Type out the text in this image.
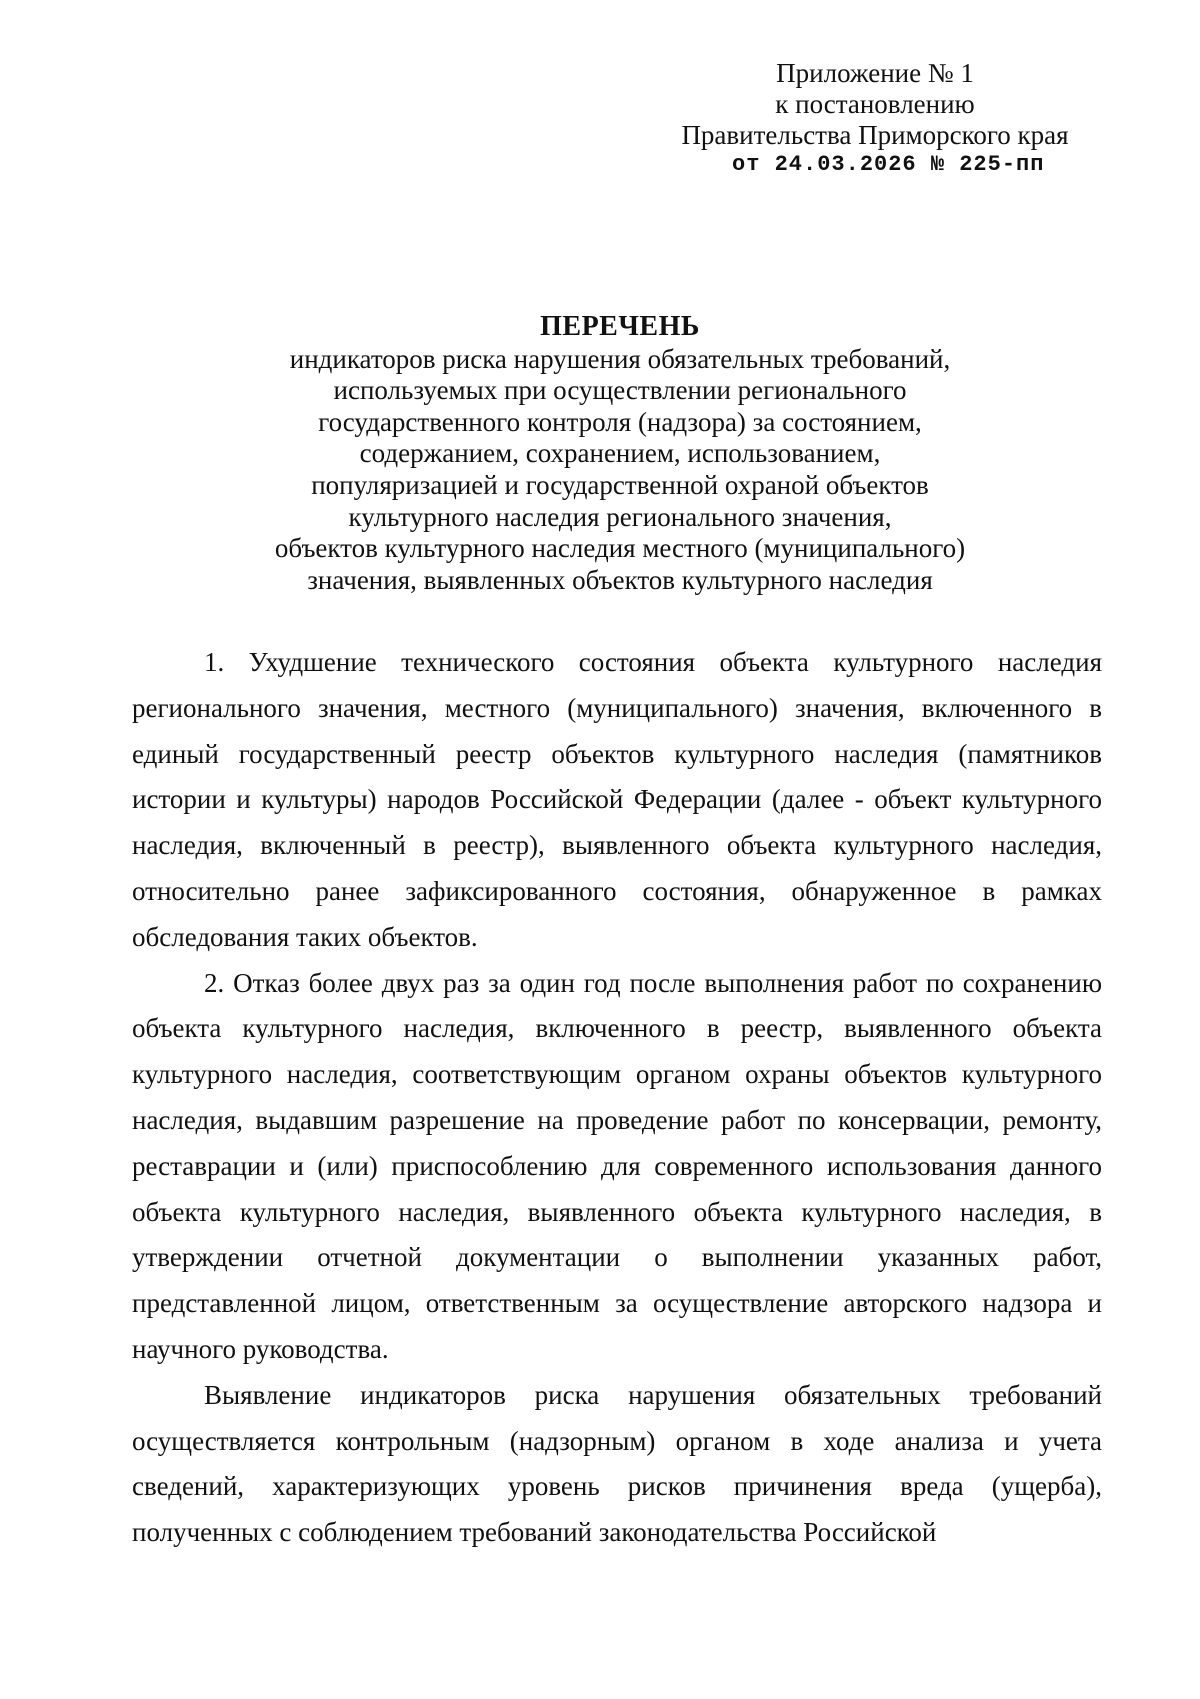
Приложение № 1
к постановлению
Правительства Приморского края
от 24.03.2026 № 225-пп
ПЕРЕЧЕНЬ
индикаторов риска нарушения обязательных требований,
используемых при осуществлении регионального
государственного контроля (надзора) за состоянием,
содержанием, сохранением, использованием,
популяризацией и государственной охраной объектов
культурного наследия регионального значения,
объектов культурного наследия местного (муниципального)
значения, выявленных объектов культурного наследия

1. Ухудшение технического состояния объекта культурного наследия регионального значения, местного (муниципального) значения, включенного в единый государственный реестр объектов культурного наследия (памятников истории и культуры) народов Российской Федерации (далее - объект культурного наследия, включенный в реестр), выявленного объекта культурного наследия, относительно ранее зафиксированного состояния, обнаруженное в рамках обследования таких объектов.

2. Отказ более двух раз за один год после выполнения работ по сохранению объекта культурного наследия, включенного в реестр, выявленного объекта культурного наследия, соответствующим органом охраны объектов культурного наследия, выдавшим разрешение на проведение работ по консервации, ремонту, реставрации и (или) приспособлению для современного использования данного объекта культурного наследия, выявленного объекта культурного наследия, в утверждении отчетной документации о выполнении указанных работ, представленной лицом, ответственным за осуществление авторского надзора и научного руководства.

Выявление индикаторов риска нарушения обязательных требований осуществляется контрольным (надзорным) органом в ходе анализа и учета сведений, характеризующих уровень рисков причинения вреда (ущерба), полученных с соблюдением требований законодательства Российской
